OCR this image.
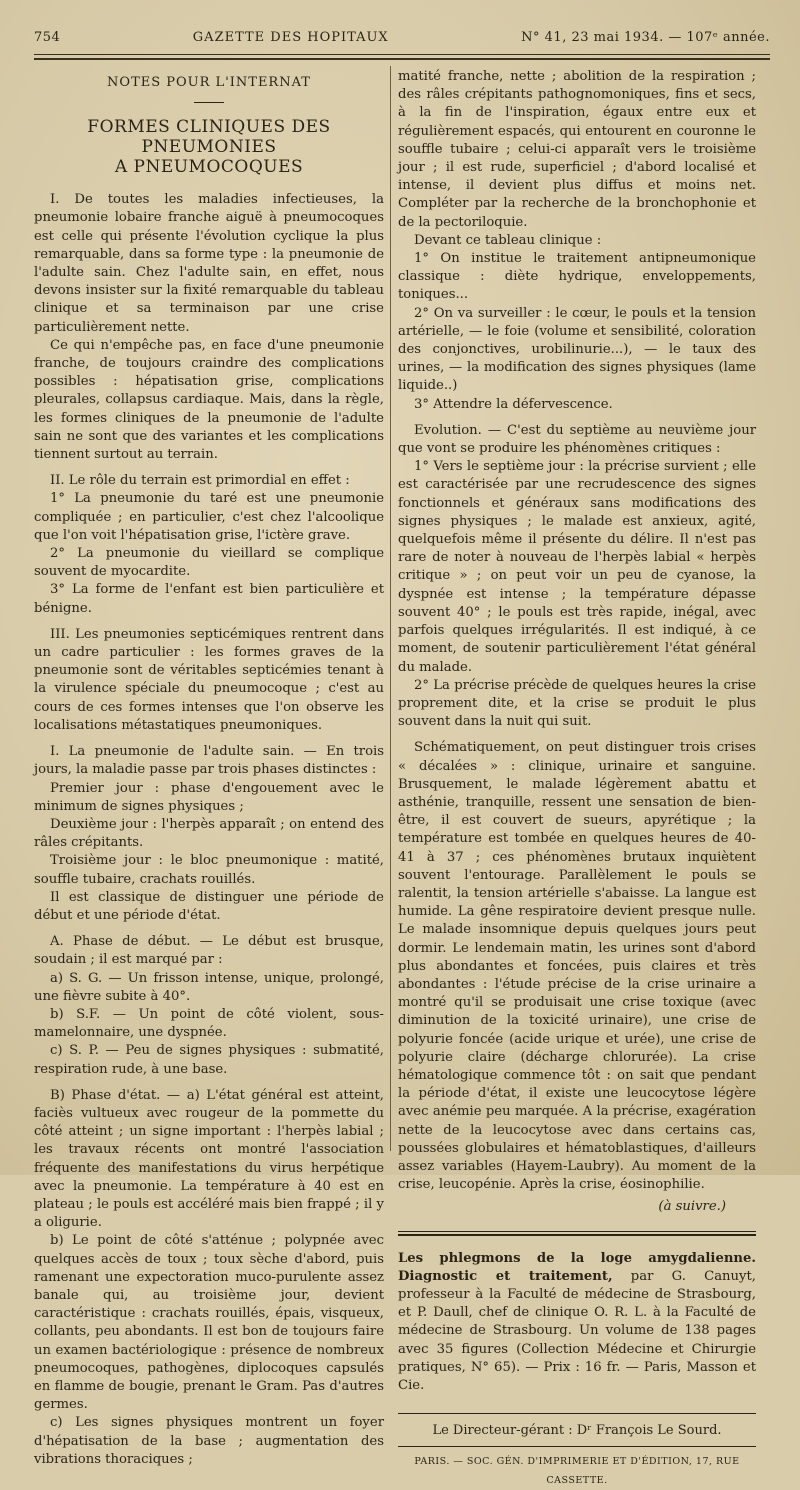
754	GAZETTE DES HOPITAUX	N° 41, 23 mai 1934. — 107ᵉ année.
NOTES POUR L'INTERNAT
FORMES CLINIQUES DES PNEUMONIES
A PNEUMOCOQUES

I. De toutes les maladies infectieuses, la pneumonie lobaire franche aiguë à pneumocoques est celle qui présente l'évolution cyclique la plus remarquable, dans sa forme type : la pneumonie de l'adulte sain. Chez l'adulte sain, en effet, nous devons insister sur la fixité remarquable du tableau clinique et sa terminaison par une crise particulièrement nette.

Ce qui n'empêche pas, en face d'une pneumonie franche, de toujours craindre des complications possibles : hépatisation grise, complications pleurales, collapsus cardiaque. Mais, dans la règle, les formes cliniques de la pneumonie de l'adulte sain ne sont que des variantes et les complications tiennent surtout au terrain.

II. Le rôle du terrain est primordial en effet :

1° La pneumonie du taré est une pneumonie compliquée ; en particulier, c'est chez l'alcoolique que l'on voit l'hépatisation grise, l'ictère grave.

2° La pneumonie du vieillard se complique souvent de myocardite.

3° La forme de l'enfant est bien particulière et bénigne.

III. Les pneumonies septicémiques rentrent dans un cadre particulier : les formes graves de la pneumonie sont de véritables septicémies tenant à la virulence spéciale du pneumocoque ; c'est au cours de ces formes intenses que l'on observe les localisations métastatiques pneumoniques.

I. La pneumonie de l'adulte sain. — En trois jours, la maladie passe par trois phases distinctes :

Premier jour : phase d'engouement avec le minimum de signes physiques ;

Deuxième jour : l'herpès apparaît ; on entend des râles crépitants.

Troisième jour : le bloc pneumonique : matité, souffle tubaire, crachats rouillés.

Il est classique de distinguer une période de début et une période d'état.

A. Phase de début. — Le début est brusque, soudain ; il est marqué par :

a) S. G. — Un frisson intense, unique, prolongé, une fièvre subite à 40°.

b) S.F. — Un point de côté violent, sous-mamelonnaire, une dyspnée.

c) S. P. — Peu de signes physiques : submatité, respiration rude, à une base.

B) Phase d'état. — a) L'état général est atteint, faciès vultueux avec rougeur de la pommette du côté atteint ; un signe important : l'herpès labial ; les travaux récents ont montré l'association fréquente des manifestations du virus herpétique avec la pneumonie. La température à 40 est en plateau ; le pouls est accéléré mais bien frappé ; il y a oligurie.

b) Le point de côté s'atténue ; polypnée avec quelques accès de toux ; toux sèche d'abord, puis ramenant une expectoration muco-purulente assez banale qui, au troisième jour, devient caractéristique : crachats rouillés, épais, visqueux, collants, peu abondants. Il est bon de toujours faire un examen bactériologique : présence de nombreux pneumocoques, pathogènes, diplocoques capsulés en flamme de bougie, prenant le Gram. Pas d'autres germes.

c) Les signes physiques montrent un foyer d'hépatisation de la base ; augmentation des vibrations thoraciques ;

matité franche, nette ; abolition de la respiration ; des râles crépitants pathognomoniques, fins et secs, à la fin de l'inspiration, égaux entre eux et régulièrement espacés, qui entourent en couronne le souffle tubaire ; celui-ci apparaît vers le troisième jour ; il est rude, superficiel ; d'abord localisé et intense, il devient plus diffus et moins net. Compléter par la recherche de la bronchophonie et de la pectoriloquie.

Devant ce tableau clinique :

1° On institue le traitement antipneumonique classique : diète hydrique, enveloppements, toniques...

2° On va surveiller : le cœur, le pouls et la tension artérielle, — le foie (volume et sensibilité, coloration des conjonctives, urobilinurie...), — le taux des urines, — la modification des signes physiques (lame liquide..)

3° Attendre la défervescence.

Evolution. — C'est du septième au neuvième jour que vont se produire les phénomènes critiques :

1° Vers le septième jour : la précrise survient ; elle est caractérisée par une recrudescence des signes fonctionnels et généraux sans modifications des signes physiques ; le malade est anxieux, agité, quelquefois même il présente du délire. Il n'est pas rare de noter à nouveau de l'herpès labial « herpès critique » ; on peut voir un peu de cyanose, la dyspnée est intense ; la température dépasse souvent 40° ; le pouls est très rapide, inégal, avec parfois quelques irrégularités. Il est indiqué, à ce moment, de soutenir particulièrement l'état général du malade.

2° La précrise précède de quelques heures la crise proprement dite, et la crise se produit le plus souvent dans la nuit qui suit.

Schématiquement, on peut distinguer trois crises « décalées » : clinique, urinaire et sanguine. Brusquement, le malade légèrement abattu et asthénie, tranquille, ressent une sensation de bien-être, il est couvert de sueurs, apyrétique ; la température est tombée en quelques heures de 40-41 à 37 ; ces phénomènes brutaux inquiètent souvent l'entourage. Parallèlement le pouls se ralentit, la tension artérielle s'abaisse. La langue est humide. La gêne respiratoire devient presque nulle. Le malade insomnique depuis quelques jours peut dormir. Le lendemain matin, les urines sont d'abord plus abondantes et foncées, puis claires et très abondantes : l'étude précise de la crise urinaire a montré qu'il se produisait une crise toxique (avec diminution de la toxicité urinaire), une crise de polyurie foncée (acide urique et urée), une crise de polyurie claire (décharge chlorurée). La crise hématologique commence tôt : on sait que pendant la période d'état, il existe une leucocytose légère avec anémie peu marquée. A la précrise, exagération nette de la leucocytose avec dans certains cas, poussées globulaires et hématoblastiques, d'ailleurs assez variables (Hayem-Laubry). Au moment de la crise, leucopénie. Après la crise, éosinophilie.

(à suivre.)

Les phlegmons de la loge amygdalienne. Diagnostic et traitement, par G. Canuyt, professeur à la Faculté de médecine de Strasbourg, et P. Daull, chef de clinique O. R. L. à la Faculté de médecine de Strasbourg. Un volume de 138 pages avec 35 figures (Collection Médecine et Chirurgie pratiques, N° 65). — Prix : 16 fr. — Paris, Masson et Cie.

Le Directeur-gérant : Dʳ François Le Sourd.
PARIS. — SOC. GÉN. D'IMPRIMERIE ET D'ÉDITION, 17, RUE CASSETTE.
